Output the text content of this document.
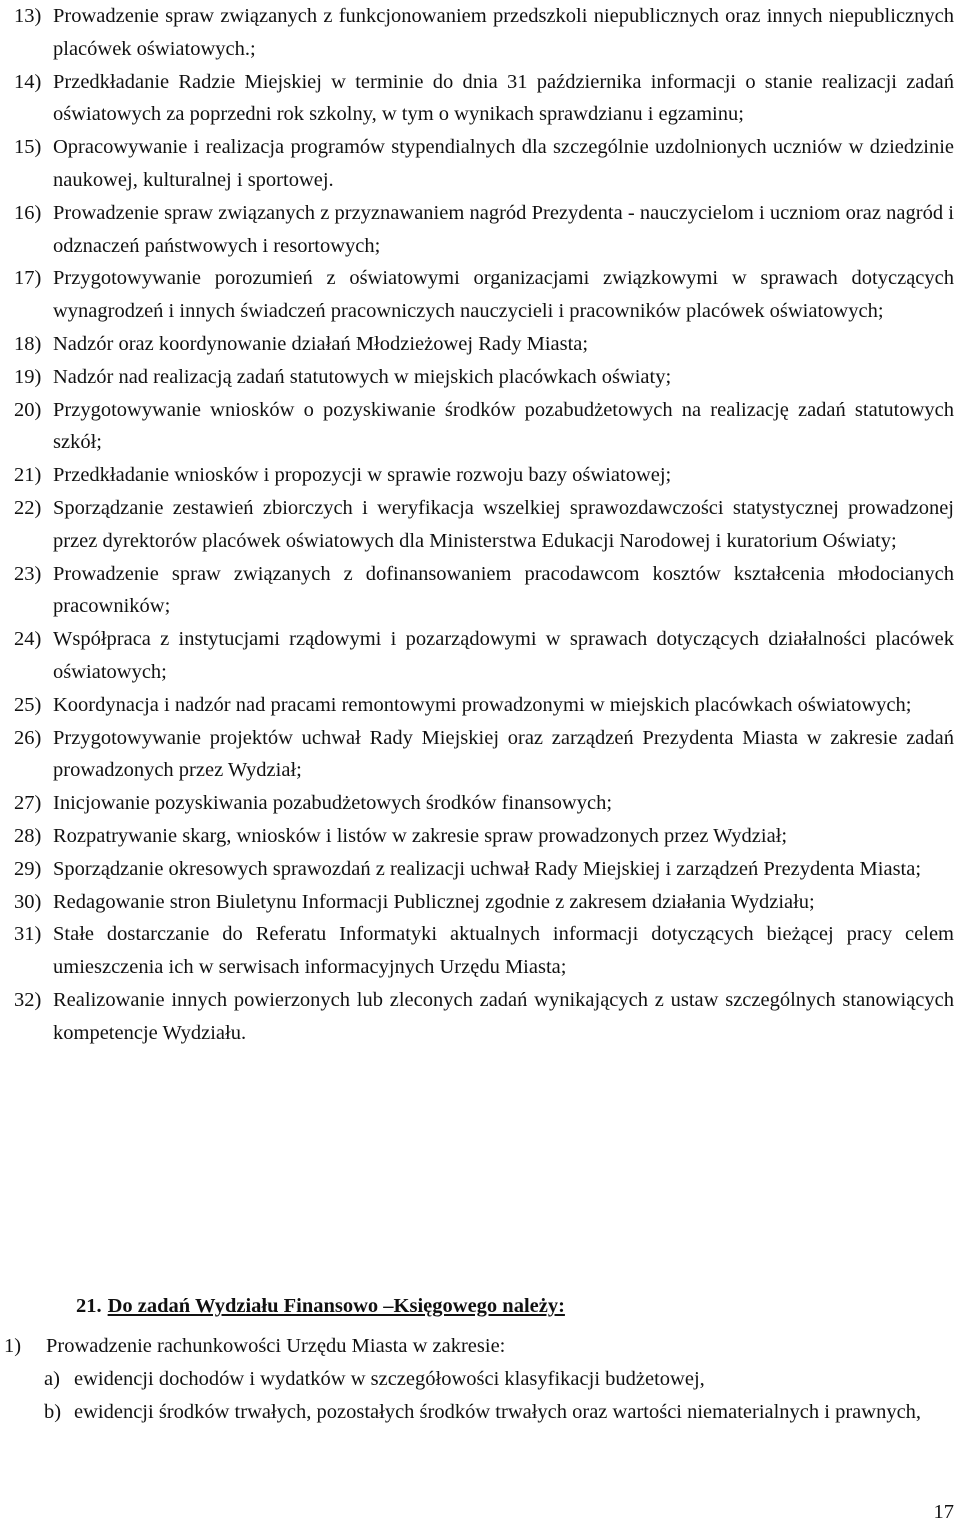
13) Prowadzenie spraw związanych z funkcjonowaniem przedszkoli niepublicznych oraz innych niepublicznych placówek oświatowych.;
14) Przedkładanie Radzie Miejskiej w terminie do dnia 31 października informacji o stanie realizacji zadań oświatowych za poprzedni rok szkolny, w tym o wynikach sprawdzianu i egzaminu;
15) Opracowywanie i realizacja programów stypendialnych dla szczególnie uzdolnionych uczniów w dziedzinie naukowej, kulturalnej i sportowej.
16) Prowadzenie spraw związanych z przyznawaniem nagród Prezydenta - nauczycielom i uczniom oraz nagród i odznaczeń państwowych i resortowych;
17) Przygotowywanie porozumień z oświatowymi organizacjami związkowymi w sprawach dotyczących wynagrodzeń i innych świadczeń pracowniczych nauczycieli i pracowników placówek oświatowych;
18) Nadzór oraz koordynowanie działań Młodzieżowej Rady Miasta;
19) Nadzór nad realizacją zadań statutowych w miejskich placówkach oświaty;
20) Przygotowywanie wniosków o pozyskiwanie środków pozabudżetowych na realizację zadań statutowych szkół;
21) Przedkładanie wniosków i propozycji w sprawie rozwoju bazy oświatowej;
22) Sporządzanie zestawień zbiorczych i weryfikacja wszelkiej sprawozdawczości statystycznej prowadzonej przez dyrektorów placówek oświatowych dla Ministerstwa Edukacji Narodowej i kuratorium Oświaty;
23) Prowadzenie spraw związanych z dofinansowaniem pracodawcom kosztów kształcenia młodocianych pracowników;
24) Współpraca z instytucjami rządowymi i pozarządowymi w sprawach dotyczących działalności placówek oświatowych;
25) Koordynacja i nadzór nad pracami remontowymi prowadzonymi w miejskich placówkach oświatowych;
26) Przygotowywanie projektów uchwał Rady Miejskiej oraz zarządzeń Prezydenta Miasta w zakresie zadań prowadzonych przez Wydział;
27) Inicjowanie pozyskiwania pozabudżetowych środków finansowych;
28) Rozpatrywanie skarg, wniosków i listów w zakresie spraw prowadzonych przez Wydział;
29) Sporządzanie okresowych sprawozdań z realizacji uchwał Rady Miejskiej i zarządzeń Prezydenta Miasta;
30) Redagowanie stron Biuletynu Informacji Publicznej zgodnie z zakresem działania Wydziału;
31) Stałe dostarczanie do Referatu Informatyki aktualnych informacji dotyczących bieżącej pracy celem umieszczenia ich w serwisach informacyjnych Urzędu Miasta;
32) Realizowanie innych powierzonych lub zleconych zadań wynikających z ustaw szczególnych stanowiących kompetencje Wydziału.
21. Do zadań Wydziału Finansowo –Księgowego należy:
1)	Prowadzenie rachunkowości Urzędu Miasta w zakresie:
a) ewidencji dochodów i wydatków w szczegółowości klasyfikacji budżetowej,
b) ewidencji środków trwałych, pozostałych środków trwałych oraz wartości niematerialnych i prawnych,
17
